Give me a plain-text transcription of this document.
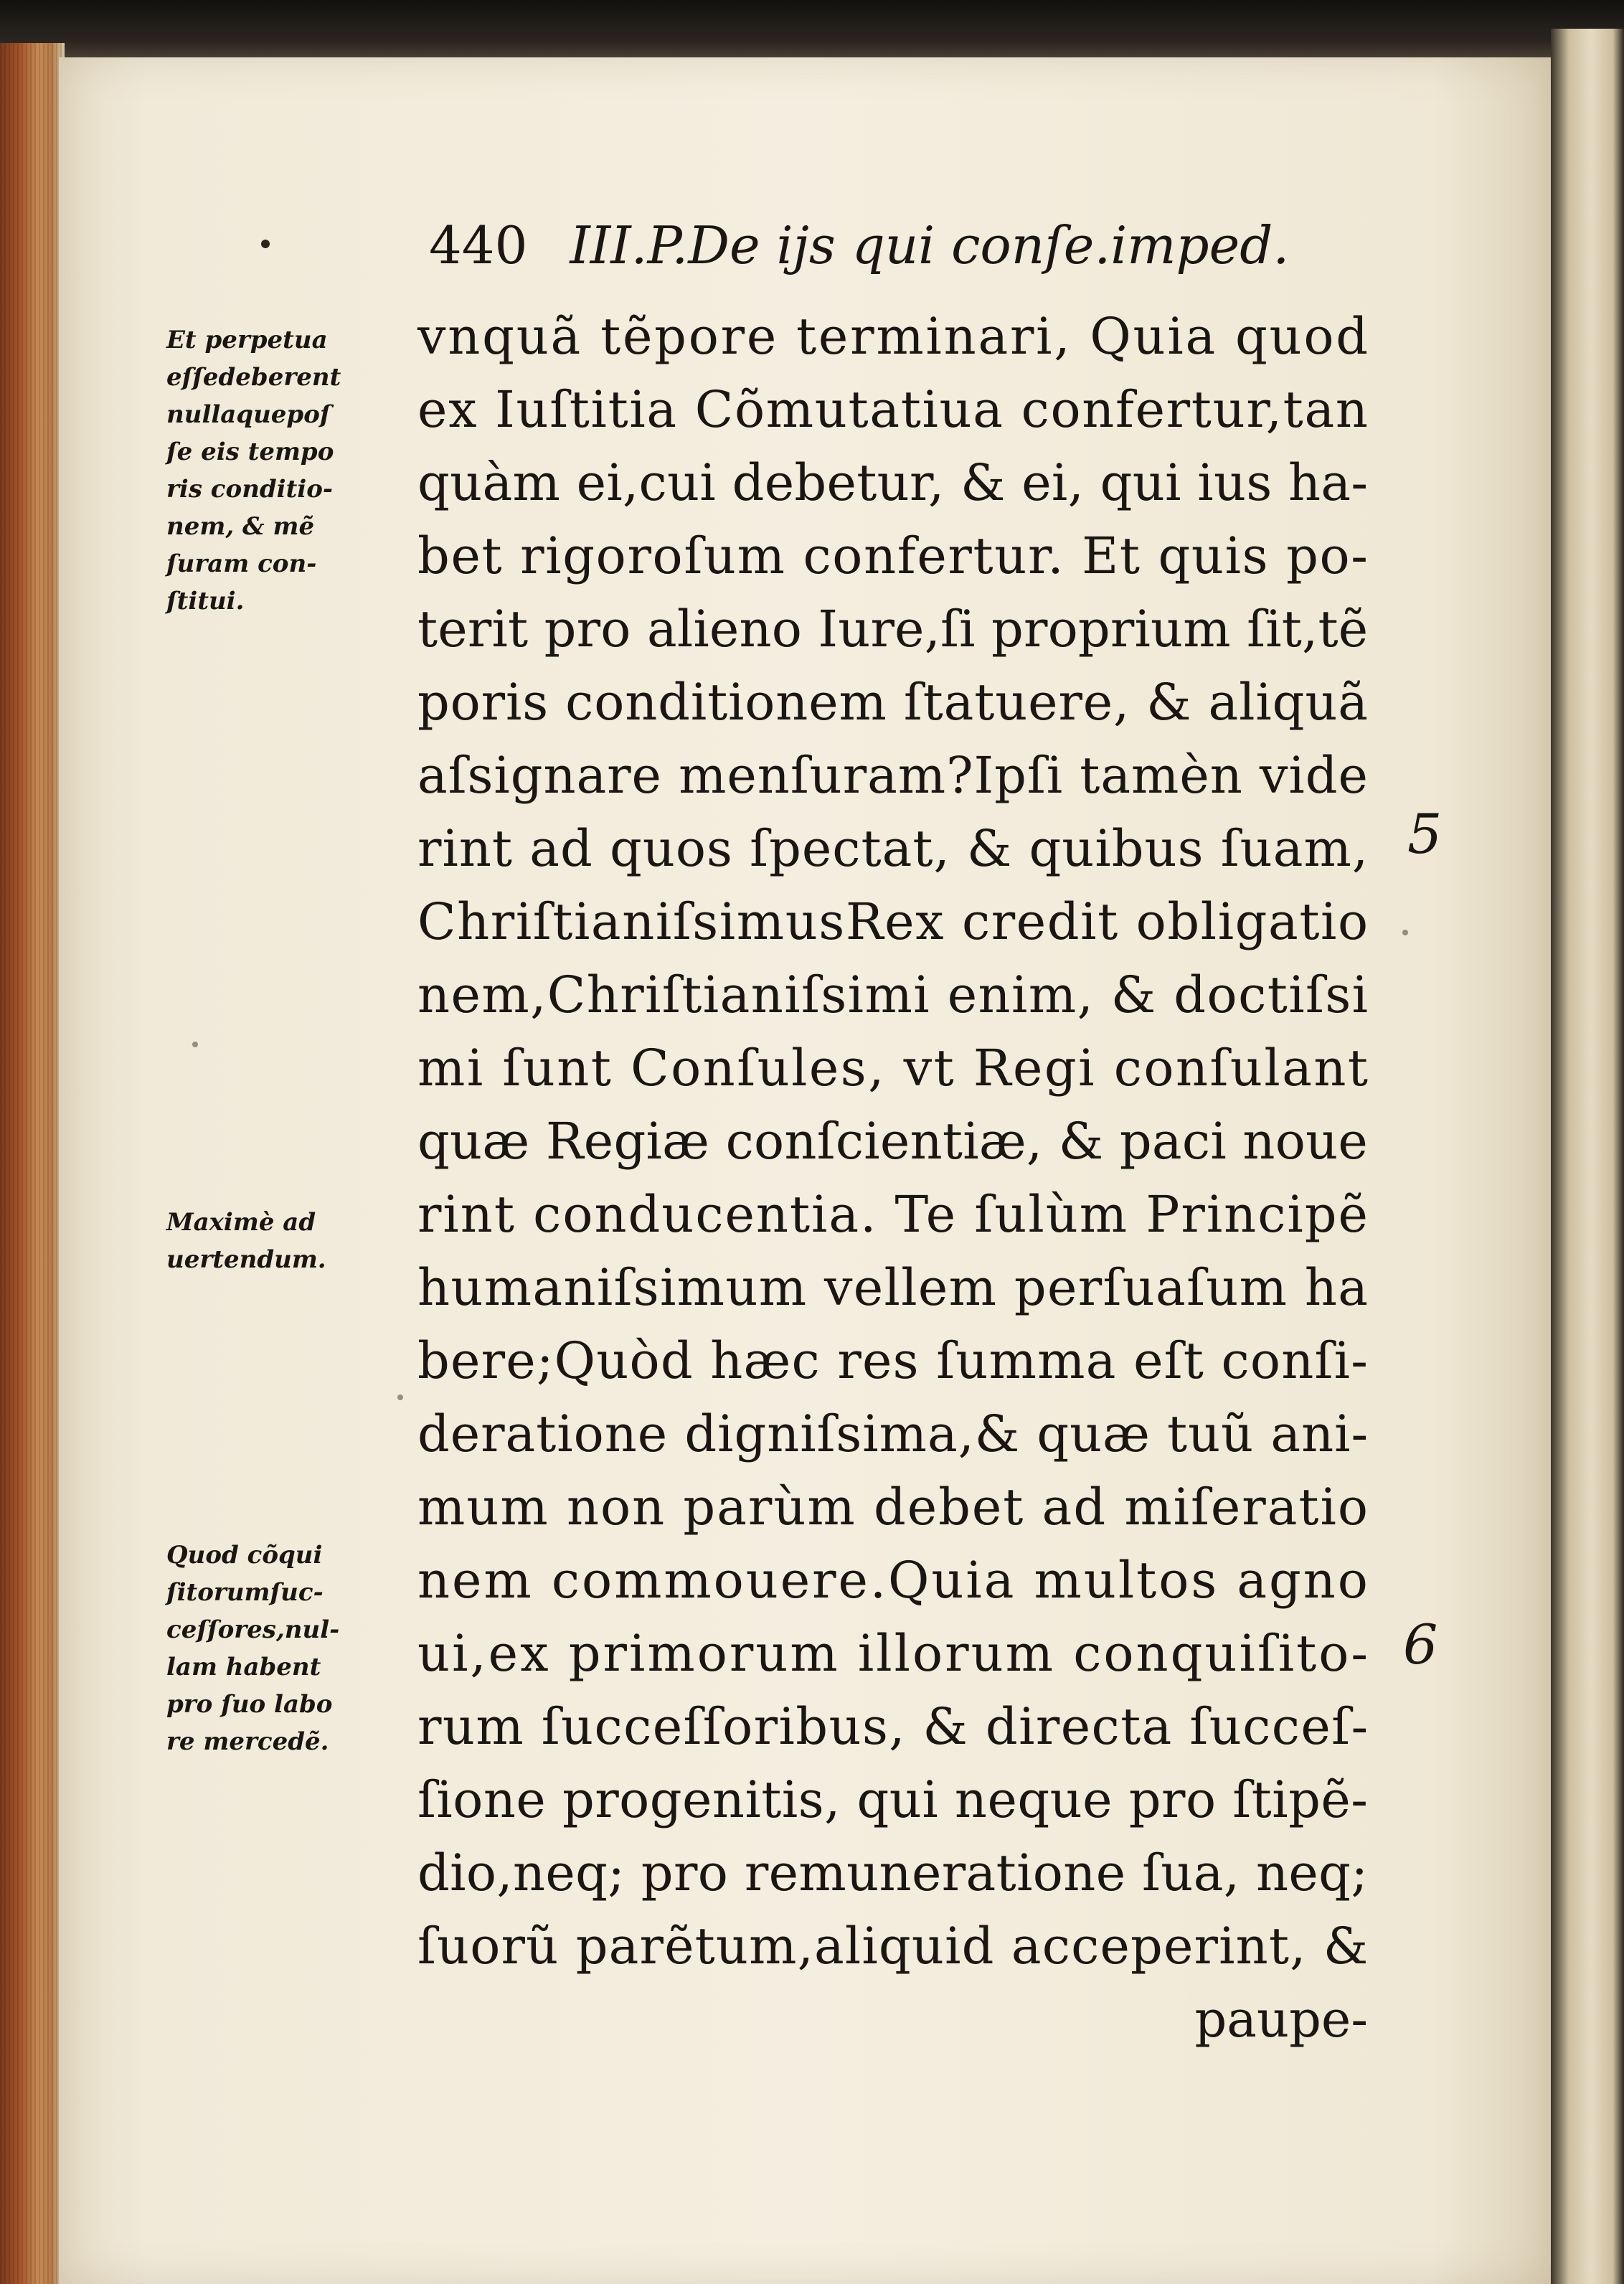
440 III.P.De ijs qui conſe.imped.
Et perpetua
eſſedeberent
nullaquepoſ
ſe eis tempo
ris conditio-
nem, & mẽ
ſuram con-
ſtitui.
Maximè ad
uertendum.
Quod cõqui
ſitorumſuc-
ceſſores,nul-
lam habent
pro ſuo labo
re mercedẽ.
vnquã tẽpore terminari, Quia quod
ex Iuſtitia Cõmutatiua confertur,tan
quàm ei,cui debetur, & ei, qui ius ha-
bet rigoroſum confertur. Et quis po-
terit pro alieno Iure,ſi proprium ſit,tẽ
poris conditionem ſtatuere, & aliquã
aſsignare menſuram?Ipſi tamèn vide
rint ad quos ſpectat, & quibus ſuam,
ChriſtianiſsimusRex credit obligatio
nem,Chriſtianiſsimi enim, & doctiſsi
mi ſunt Conſules, vt Regi conſulant
quæ Regiæ conſcientiæ, & paci noue
rint conducentia. Te ſulùm Principẽ
humaniſsimum vellem perſuaſum ha
bere;Quòd hæc res ſumma eſt conſi-
deratione digniſsima,& quæ tuũ ani-
mum non parùm debet ad miſeratio
nem commouere.Quia multos agno
ui,ex primorum illorum conquiſito-
rum ſucceſſoribus, & directa ſucceſ-
ſione progenitis, qui neque pro ſtipẽ-
dio,neq; pro remuneratione ſua, neq;
ſuorũ parẽtum,aliquid acceperint, &
paupe-
5
6
